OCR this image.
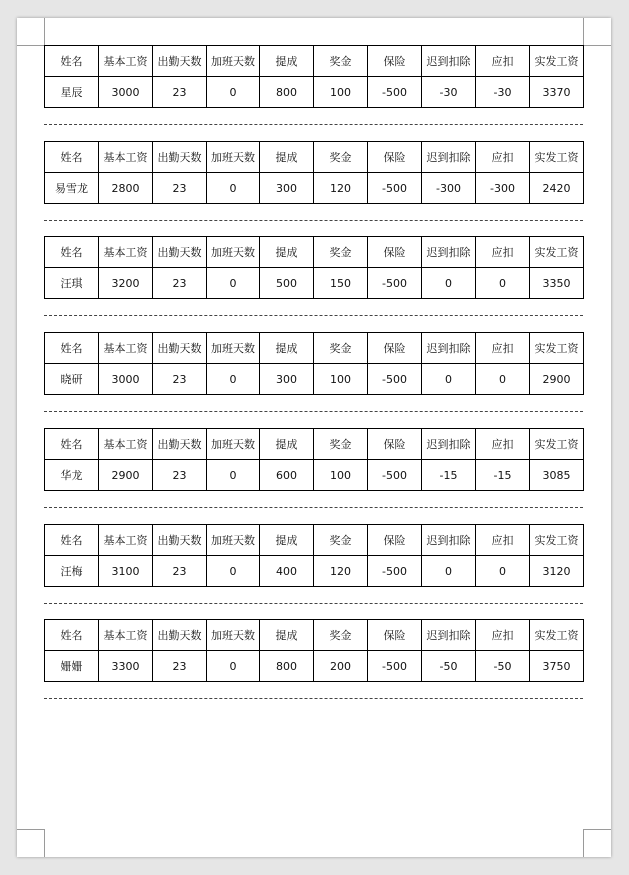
姓名	基本工资	出勤天数	加班天数	提成	奖金	保险	迟到扣除	应扣	实发工资
星辰	3000	23	0	800	100	-500	-30	-30	3370
姓名	基本工资	出勤天数	加班天数	提成	奖金	保险	迟到扣除	应扣	实发工资
易雪龙	2800	23	0	300	120	-500	-300	-300	2420
姓名	基本工资	出勤天数	加班天数	提成	奖金	保险	迟到扣除	应扣	实发工资
汪琪	3200	23	0	500	150	-500	0	0	3350
姓名	基本工资	出勤天数	加班天数	提成	奖金	保险	迟到扣除	应扣	实发工资
晓研	3000	23	0	300	100	-500	0	0	2900
姓名	基本工资	出勤天数	加班天数	提成	奖金	保险	迟到扣除	应扣	实发工资
华龙	2900	23	0	600	100	-500	-15	-15	3085
姓名	基本工资	出勤天数	加班天数	提成	奖金	保险	迟到扣除	应扣	实发工资
汪梅	3100	23	0	400	120	-500	0	0	3120
姓名	基本工资	出勤天数	加班天数	提成	奖金	保险	迟到扣除	应扣	实发工资
姗姗	3300	23	0	800	200	-500	-50	-50	3750
